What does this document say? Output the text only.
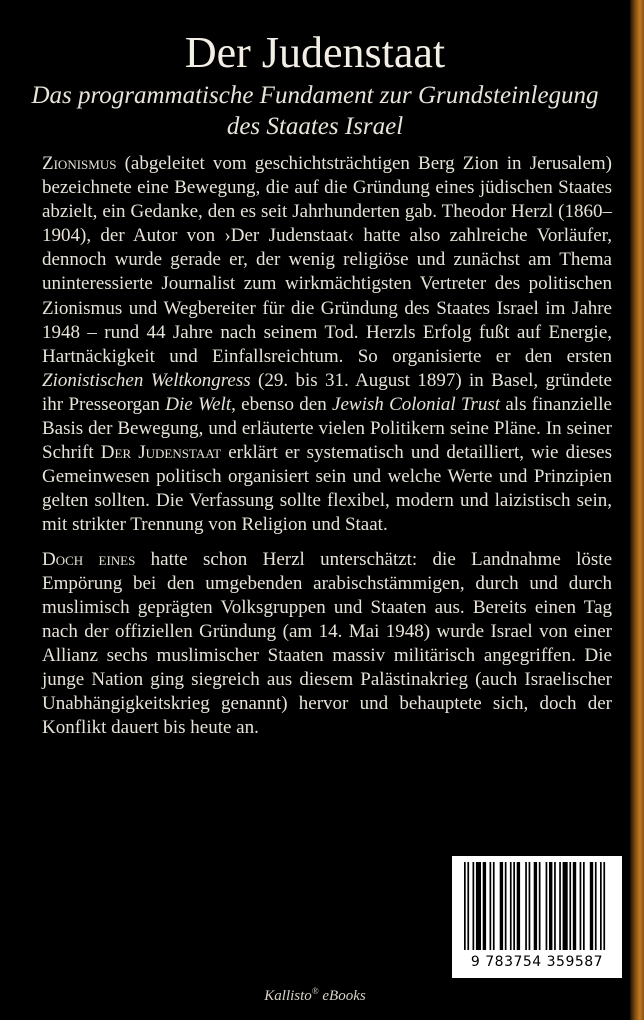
Der Judenstaat
Das programmatische Fundament zur Grundsteinlegung
des Staates Israel

Zionismus (abgeleitet vom geschichtsträchtigen Berg Zion in Jerusalem) bezeichnete eine Bewegung, die auf die Gründung eines jüdischen Staates abzielt, ein Gedanke, den es seit Jahrhunderten gab. Theodor Herzl (1860–1904), der Autor von ›Der Judenstaat‹ hatte also zahlreiche Vorläufer, dennoch wurde gerade er, der wenig religiöse und zunächst am Thema uninteressierte Journalist zum wirkmächtigsten Vertreter des politischen Zionismus und Wegbereiter für die Gründung des Staates Israel im Jahre 1948 – rund 44 Jahre nach seinem Tod. Herzls Erfolg fußt auf Energie, Hartnäckigkeit und Einfallsreichtum. So organisierte er den ersten Zionistischen Weltkongress (29. bis 31. August 1897) in Basel, gründete ihr Presseorgan Die Welt, ebenso den Jewish Colonial Trust als finanzielle Basis der Bewegung, und erläuterte vielen Politikern seine Pläne. In seiner Schrift Der Judenstaat erklärt er systematisch und detailliert, wie dieses Gemeinwesen politisch organisiert sein und welche Werte und Prinzipien gelten sollten. Die Verfassung sollte flexibel, modern und laizistisch sein, mit strikter Trennung von Religion und Staat.

Doch eines hatte schon Herzl unterschätzt: die Landnahme löste Empörung bei den umgebenden arabischstämmigen, durch und durch muslimisch geprägten Volksgruppen und Staaten aus. Bereits einen Tag nach der offiziellen Gründung (am 14. Mai 1948) wurde Israel von einer Allianz sechs muslimischer Staaten massiv militärisch angegriffen. Die junge Nation ging siegreich aus diesem Palästinakrieg (auch Israelischer Unabhängigkeitskrieg genannt) hervor und behauptete sich, doch der Konflikt dauert bis heute an.

9 783754 359587
Kallisto® eBooks
